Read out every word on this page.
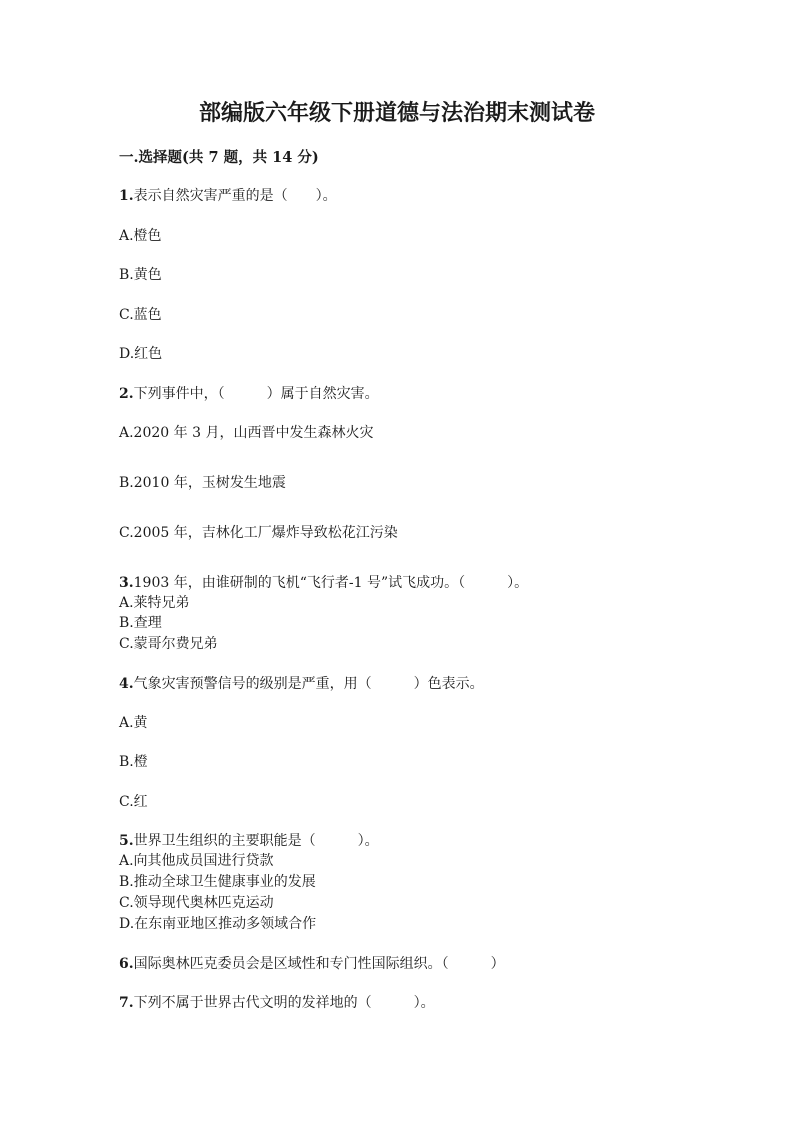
部编版六年级下册道德与法治期末测试卷
一.选择题(共 7 题，共 14 分)
1.表示自然灾害严重的是（　　）。
A.橙色
B.黄色
C.蓝色
D.红色
2.下列事件中，（　　　）属于自然灾害。
A.2020 年 3 月，山西晋中发生森林火灾
B.2010 年，玉树发生地震
C.2005 年，吉林化工厂爆炸导致松花江污染
3.1903 年，由谁研制的飞机“飞行者-1 号”试飞成功。（　　　）。
A.莱特兄弟
B.查理
C.蒙哥尔费兄弟
4.气象灾害预警信号的级别是严重，用（　　　）色表示。
A.黄
B.橙
C.红
5.世界卫生组织的主要职能是（　　　）。
A.向其他成员国进行贷款
B.推动全球卫生健康事业的发展
C.领导现代奥林匹克运动
D.在东南亚地区推动多领域合作
6.国际奥林匹克委员会是区域性和专门性国际组织。（　　　）
7.下列不属于世界古代文明的发祥地的（　　　）。
